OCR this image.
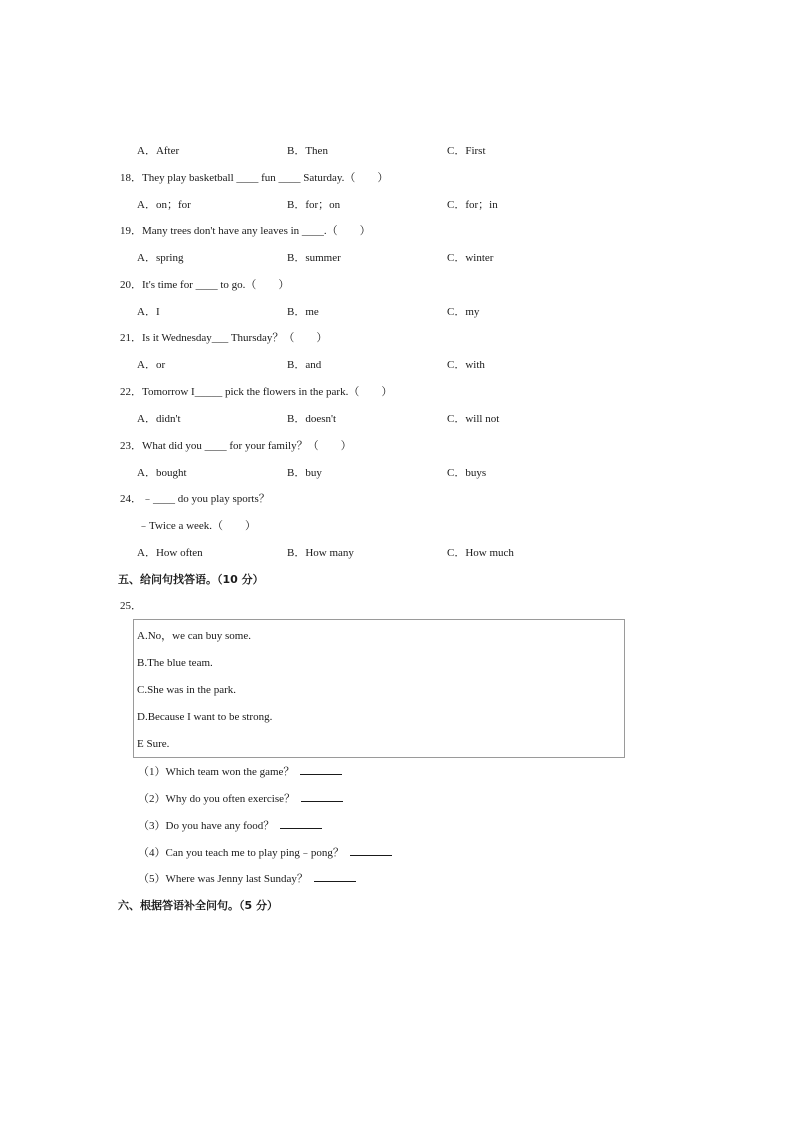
A．After	B．Then	C．First
18．They play basketball ____ fun ____ Saturday.（　　）
A．on；for	B．for；on	C．for；in
19．Many trees don't have any leaves in ____.（　　）
A．spring	B．summer	C．winter
20．It's time for ____ to go.（　　）
A．I	B．me	C．my
21．Is it Wednesday___ Thursday？（　　）
A．or	B．and	C．with
22．Tomorrow I_____ pick the flowers in the park.（　　）
A．didn't	B．doesn't	C．will not
23．What did you ____ for your family？（　　）
A．bought	B．buy	C．buys
24．﹣____ do you play sports？
﹣Twice a week.（　　）
A．How often	B．How many	C．How much
五、给问句找答语。（10 分）
25．
A.No，we can buy some.
B.The blue team.
C.She was in the park.
D.Because I want to be strong.
E Sure.
（1）Which team won the game？
（2）Why do you often exercise？
（3）Do you have any food？
（4）Can you teach me to play ping﹣pong？
（5）Where was Jenny last Sunday？
六、根据答语补全问句。（5 分）
